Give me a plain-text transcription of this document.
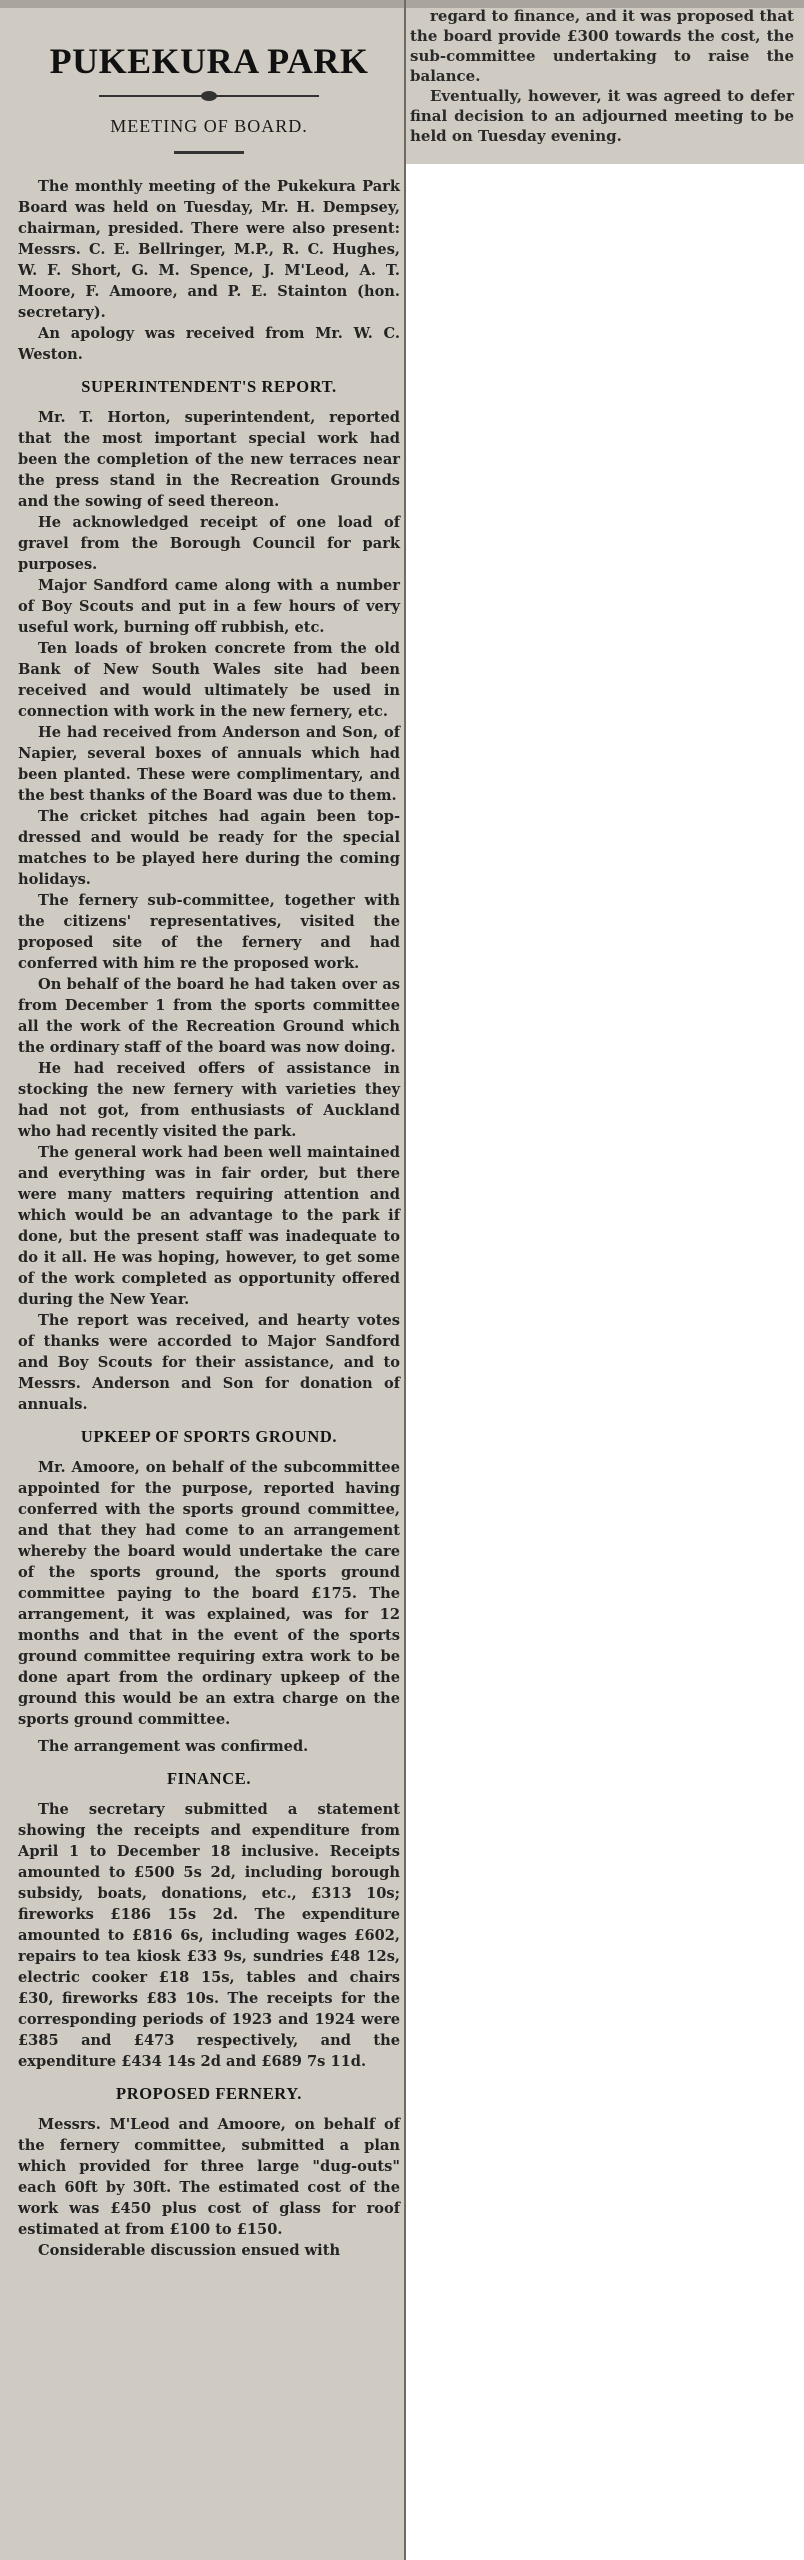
PUKEKURA PARK
MEETING OF BOARD.

The monthly meeting of the Pukekura Park Board was held on Tuesday, Mr. H. Dempsey, chairman, presided. There were also present: Messrs. C. E. Bellringer, M.P., R. C. Hughes, W. F. Short, G. M. Spence, J. M'Leod, A. T. Moore, F. Amoore, and P. E. Stainton (hon. secretary).

An apology was received from Mr. W. C. Weston.

SUPERINTENDENT'S REPORT.

Mr. T. Horton, superintendent, reported that the most important special work had been the completion of the new terraces near the press stand in the Recreation Grounds and the sowing of seed thereon.

He acknowledged receipt of one load of gravel from the Borough Council for park purposes.

Major Sandford came along with a number of Boy Scouts and put in a few hours of very useful work, burning off rubbish, etc.

Ten loads of broken concrete from the old Bank of New South Wales site had been received and would ultimately be used in connection with work in the new fernery, etc.

He had received from Anderson and Son, of Napier, several boxes of annuals which had been planted. These were complimentary, and the best thanks of the Board was due to them.

The cricket pitches had again been top-dressed and would be ready for the special matches to be played here during the coming holidays.

The fernery sub-committee, together with the citizens' representatives, visited the proposed site of the fernery and had conferred with him re the proposed work.

On behalf of the board he had taken over as from December 1 from the sports committee all the work of the Recreation Ground which the ordinary staff of the board was now doing.

He had received offers of assistance in stocking the new fernery with varieties they had not got, from enthusiasts of Auckland who had recently visited the park.

The general work had been well maintained and everything was in fair order, but there were many matters requiring attention and which would be an advantage to the park if done, but the present staff was inadequate to do it all. He was hoping, however, to get some of the work completed as opportunity offered during the New Year.

The report was received, and hearty votes of thanks were accorded to Major Sandford and Boy Scouts for their assistance, and to Messrs. Anderson and Son for donation of annuals.

UPKEEP OF SPORTS GROUND.

Mr. Amoore, on behalf of the subcommittee appointed for the purpose, reported having conferred with the sports ground committee, and that they had come to an arrangement whereby the board would undertake the care of the sports ground, the sports ground committee paying to the board £175. The arrangement, it was explained, was for 12 months and that in the event of the sports ground committee requiring extra work to be done apart from the ordinary upkeep of the ground this would be an extra charge on the sports ground committee.

The arrangement was confirmed.

FINANCE.

The secretary submitted a statement showing the receipts and expenditure from April 1 to December 18 inclusive. Receipts amounted to £500 5s 2d, including borough subsidy, boats, donations, etc., £313 10s; fireworks £186 15s 2d. The expenditure amounted to £816 6s, including wages £602, repairs to tea kiosk £33 9s, sundries £48 12s, electric cooker £18 15s, tables and chairs £30, fireworks £83 10s. The receipts for the corresponding periods of 1923 and 1924 were £385 and £473 respectively, and the expenditure £434 14s 2d and £689 7s 11d.

PROPOSED FERNERY.

Messrs. M'Leod and Amoore, on behalf of the fernery committee, submitted a plan which provided for three large "dug-outs" each 60ft by 30ft. The estimated cost of the work was £450 plus cost of glass for roof estimated at from £100 to £150.

Considerable discussion ensued with

regard to finance, and it was proposed that the board provide £300 towards the cost, the sub-committee undertaking to raise the balance.

Eventually, however, it was agreed to defer final decision to an adjourned meeting to be held on Tuesday evening.
